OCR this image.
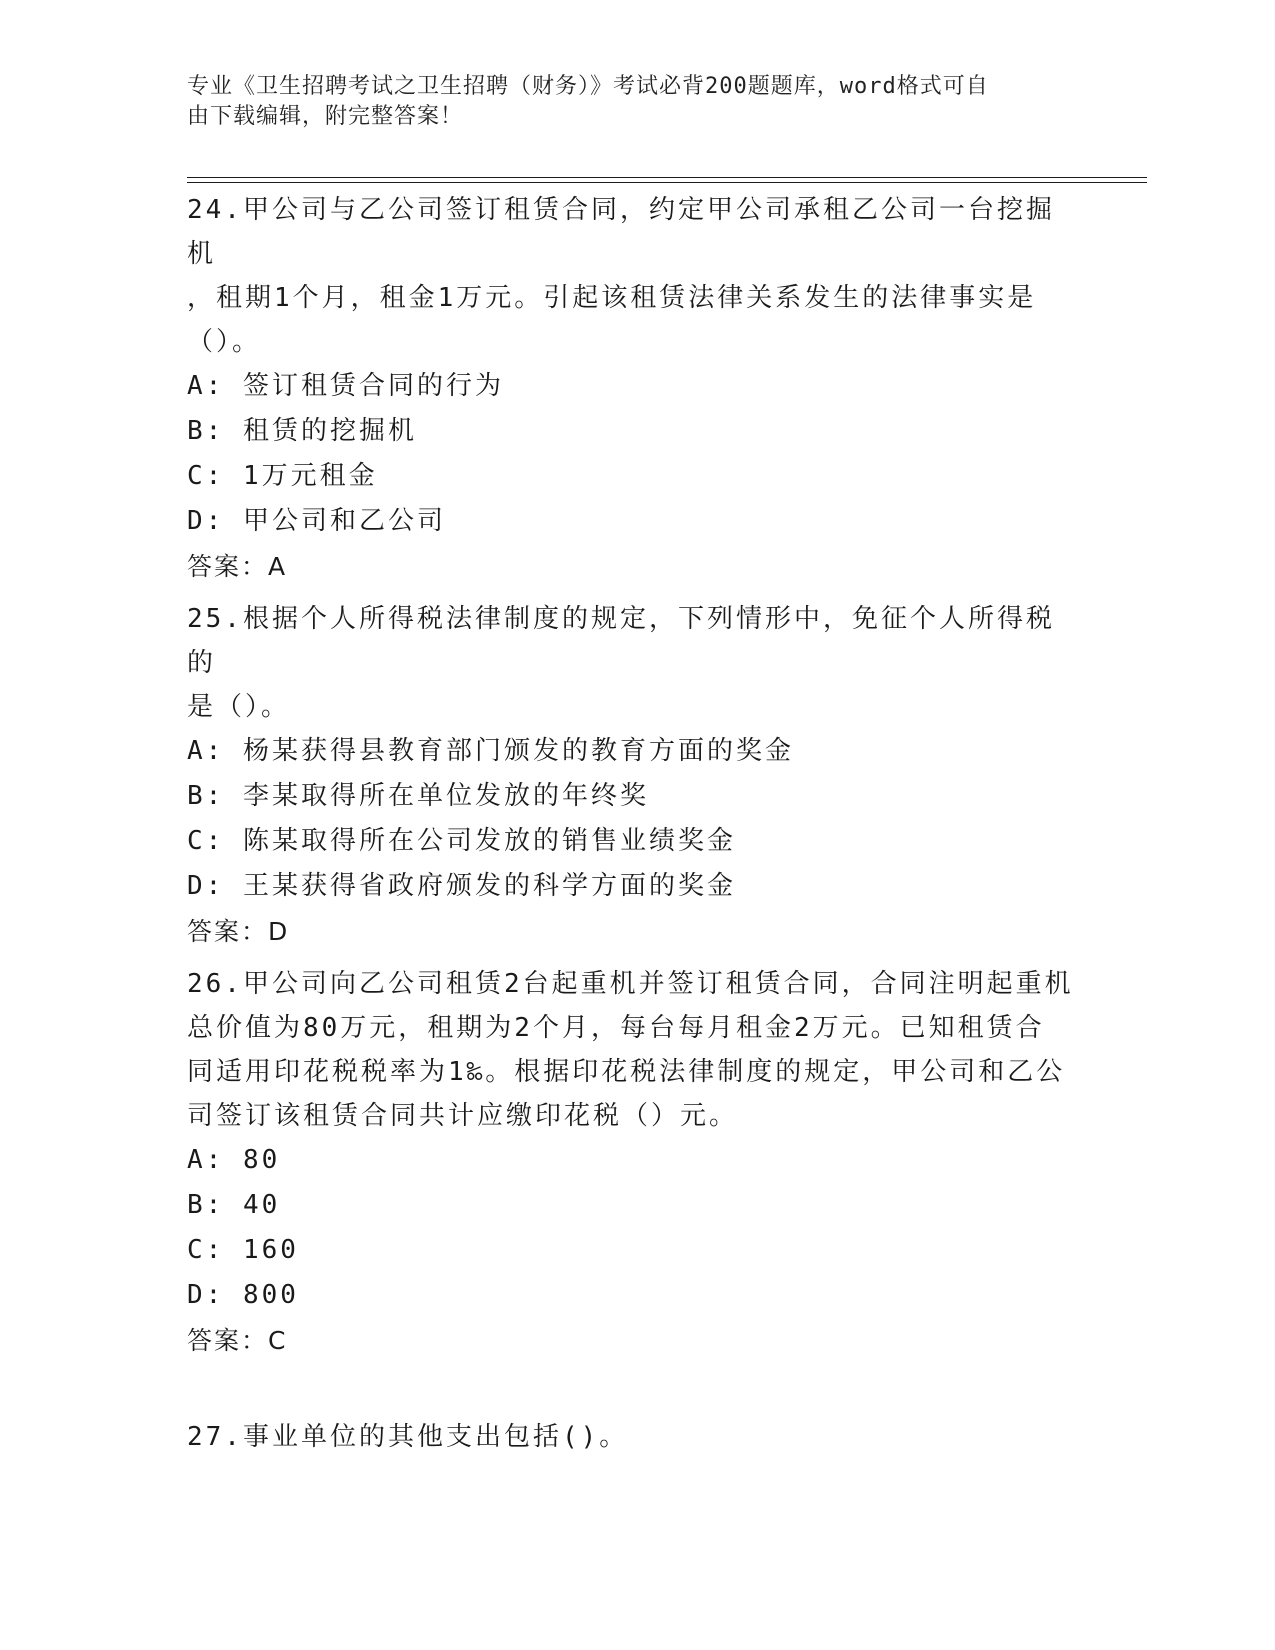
专业《卫生招聘考试之卫生招聘（财务）》考试必背200题题库，word格式可自
由下载编辑，附完整答案！
24.甲公司与乙公司签订租赁合同，约定甲公司承租乙公司一台挖掘机
，租期1个月，租金1万元。引起该租赁法律关系发生的法律事实是
（）。
A: 签订租赁合同的行为
B: 租赁的挖掘机
C: 1万元租金
D: 甲公司和乙公司
答案：A
25.根据个人所得税法律制度的规定，下列情形中，免征个人所得税的
是（）。
A: 杨某获得县教育部门颁发的教育方面的奖金
B: 李某取得所在单位发放的年终奖
C: 陈某取得所在公司发放的销售业绩奖金
D: 王某获得省政府颁发的科学方面的奖金
答案：D
26.甲公司向乙公司租赁2台起重机并签订租赁合同，合同注明起重机
总价值为80万元，租期为2个月，每台每月租金2万元。已知租赁合
同适用印花税税率为1‰。根据印花税法律制度的规定，甲公司和乙公
司签订该租赁合同共计应缴印花税（）元。
A: 80
B: 40
C: 160
D: 800
答案：C
27.事业单位的其他支出包括()。
